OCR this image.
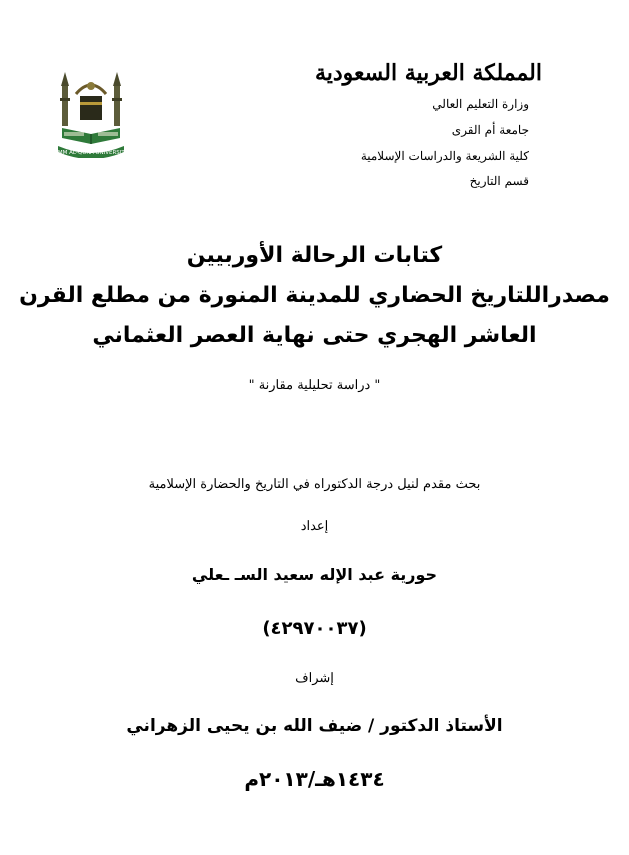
المملكة العربية السعودية
وزارة التعليم العالي
جامعة أم القرى
كلية الشريعة والدراسات الإسلامية
قسم التاريخ
UMM AL-QURA UNIVERSITY
كتابات الرحالة الأوربيين
مصدراللتاريخ الحضاري للمدينة المنورة من مطلع القرن
العاشر الهجري حتى نهاية العصر العثماني
" دراسة تحليلية مقارنة "
بحث مقدم لنيل درجة الدكتوراه في التاريخ والحضارة الإسلامية
إعداد
حورية عبد الإله سعيد السـ ـعلي
(٤٢٩٧٠٠٣٧)
إشراف
الأستاذ الدكتور / ضيف الله بن يحيى الزهراني
١٤٣٤هـ/٢٠١٣م
